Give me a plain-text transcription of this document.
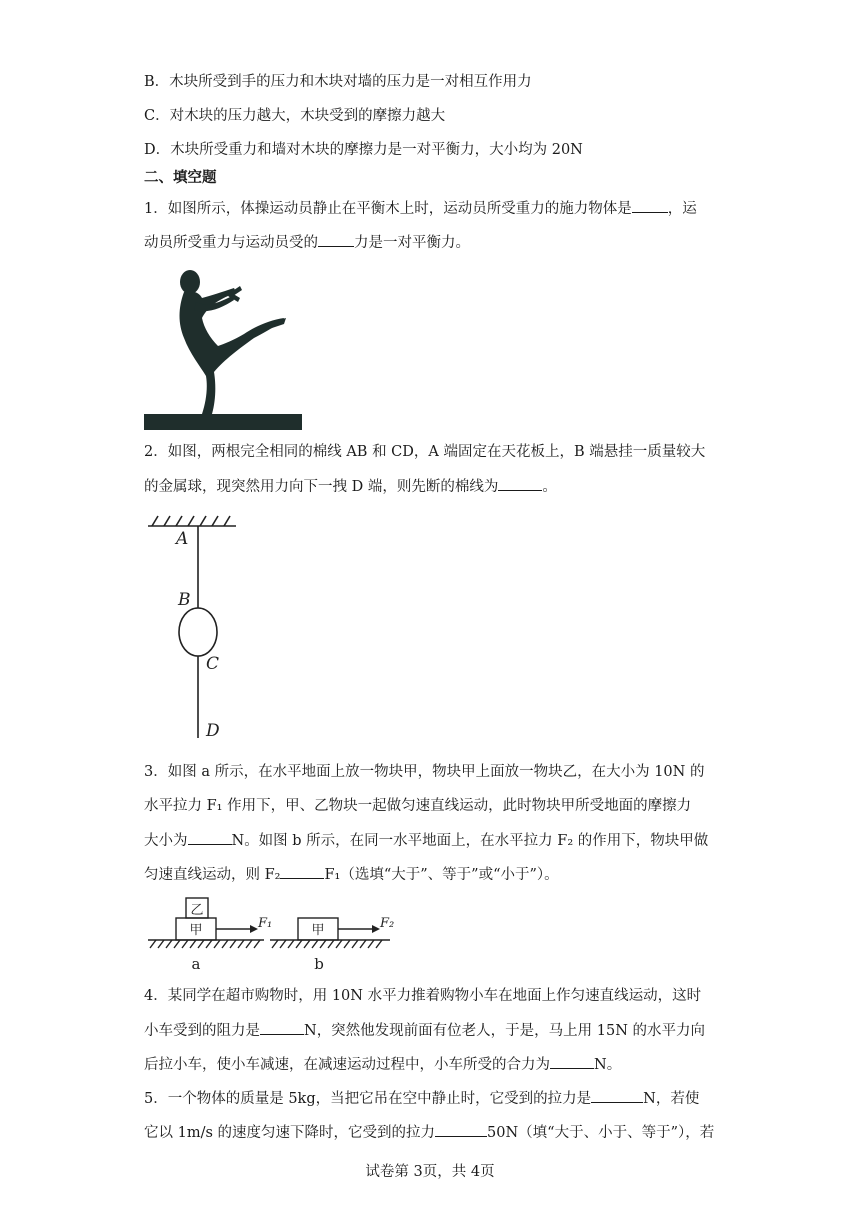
B．木块所受到手的压力和木块对墙的压力是一对相互作用力
C．对木块的压力越大，木块受到的摩擦力越大
D．木块所受重力和墙对木块的摩擦力是一对平衡力，大小均为 20N
二、填空题
1．如图所示，体操运动员静止在平衡木上时，运动员所受重力的施力物体是 ，运
动员所受重力与运动员受的 力是一对平衡力。
2．如图，两根完全相同的棉线 AB 和 CD，A 端固定在天花板上，B 端悬挂一质量较大
的金属球，现突然用力向下一拽 D 端，则先断的棉线为	。
A
B
C
D
3．如图 a 所示，在水平地面上放一物块甲，物块甲上面放一物块乙，在大小为 10N 的
水平拉力 F₁ 作用下，甲、乙物块一起做匀速直线运动，此时物块甲所受地面的摩擦力
大小为	N。如图 b 所示，在同一水平地面上，在水平拉力 F₂ 的作用下，物块甲做
匀速直线运动，则 F₂	F₁（选填“大于”、等于”或“小于”）。
乙
甲	甲
F₁	F₂
a	b
4．某同学在超市购物时，用 10N 水平力推着购物小车在地面上作匀速直线运动，这时
小车受到的阻力是	N，突然他发现前面有位老人，于是，马上用 15N 的水平力向
后拉小车，使小车减速，在减速运动过程中，小车所受的合力为	N。
5．一个物体的质量是 5kg，当把它吊在空中静止时，它受到的拉力是	N，若使
它以 1m/s 的速度匀速下降时，它受到的拉力	50N（填“大于、小于、等于”），若
试卷第 3页，共 4页
